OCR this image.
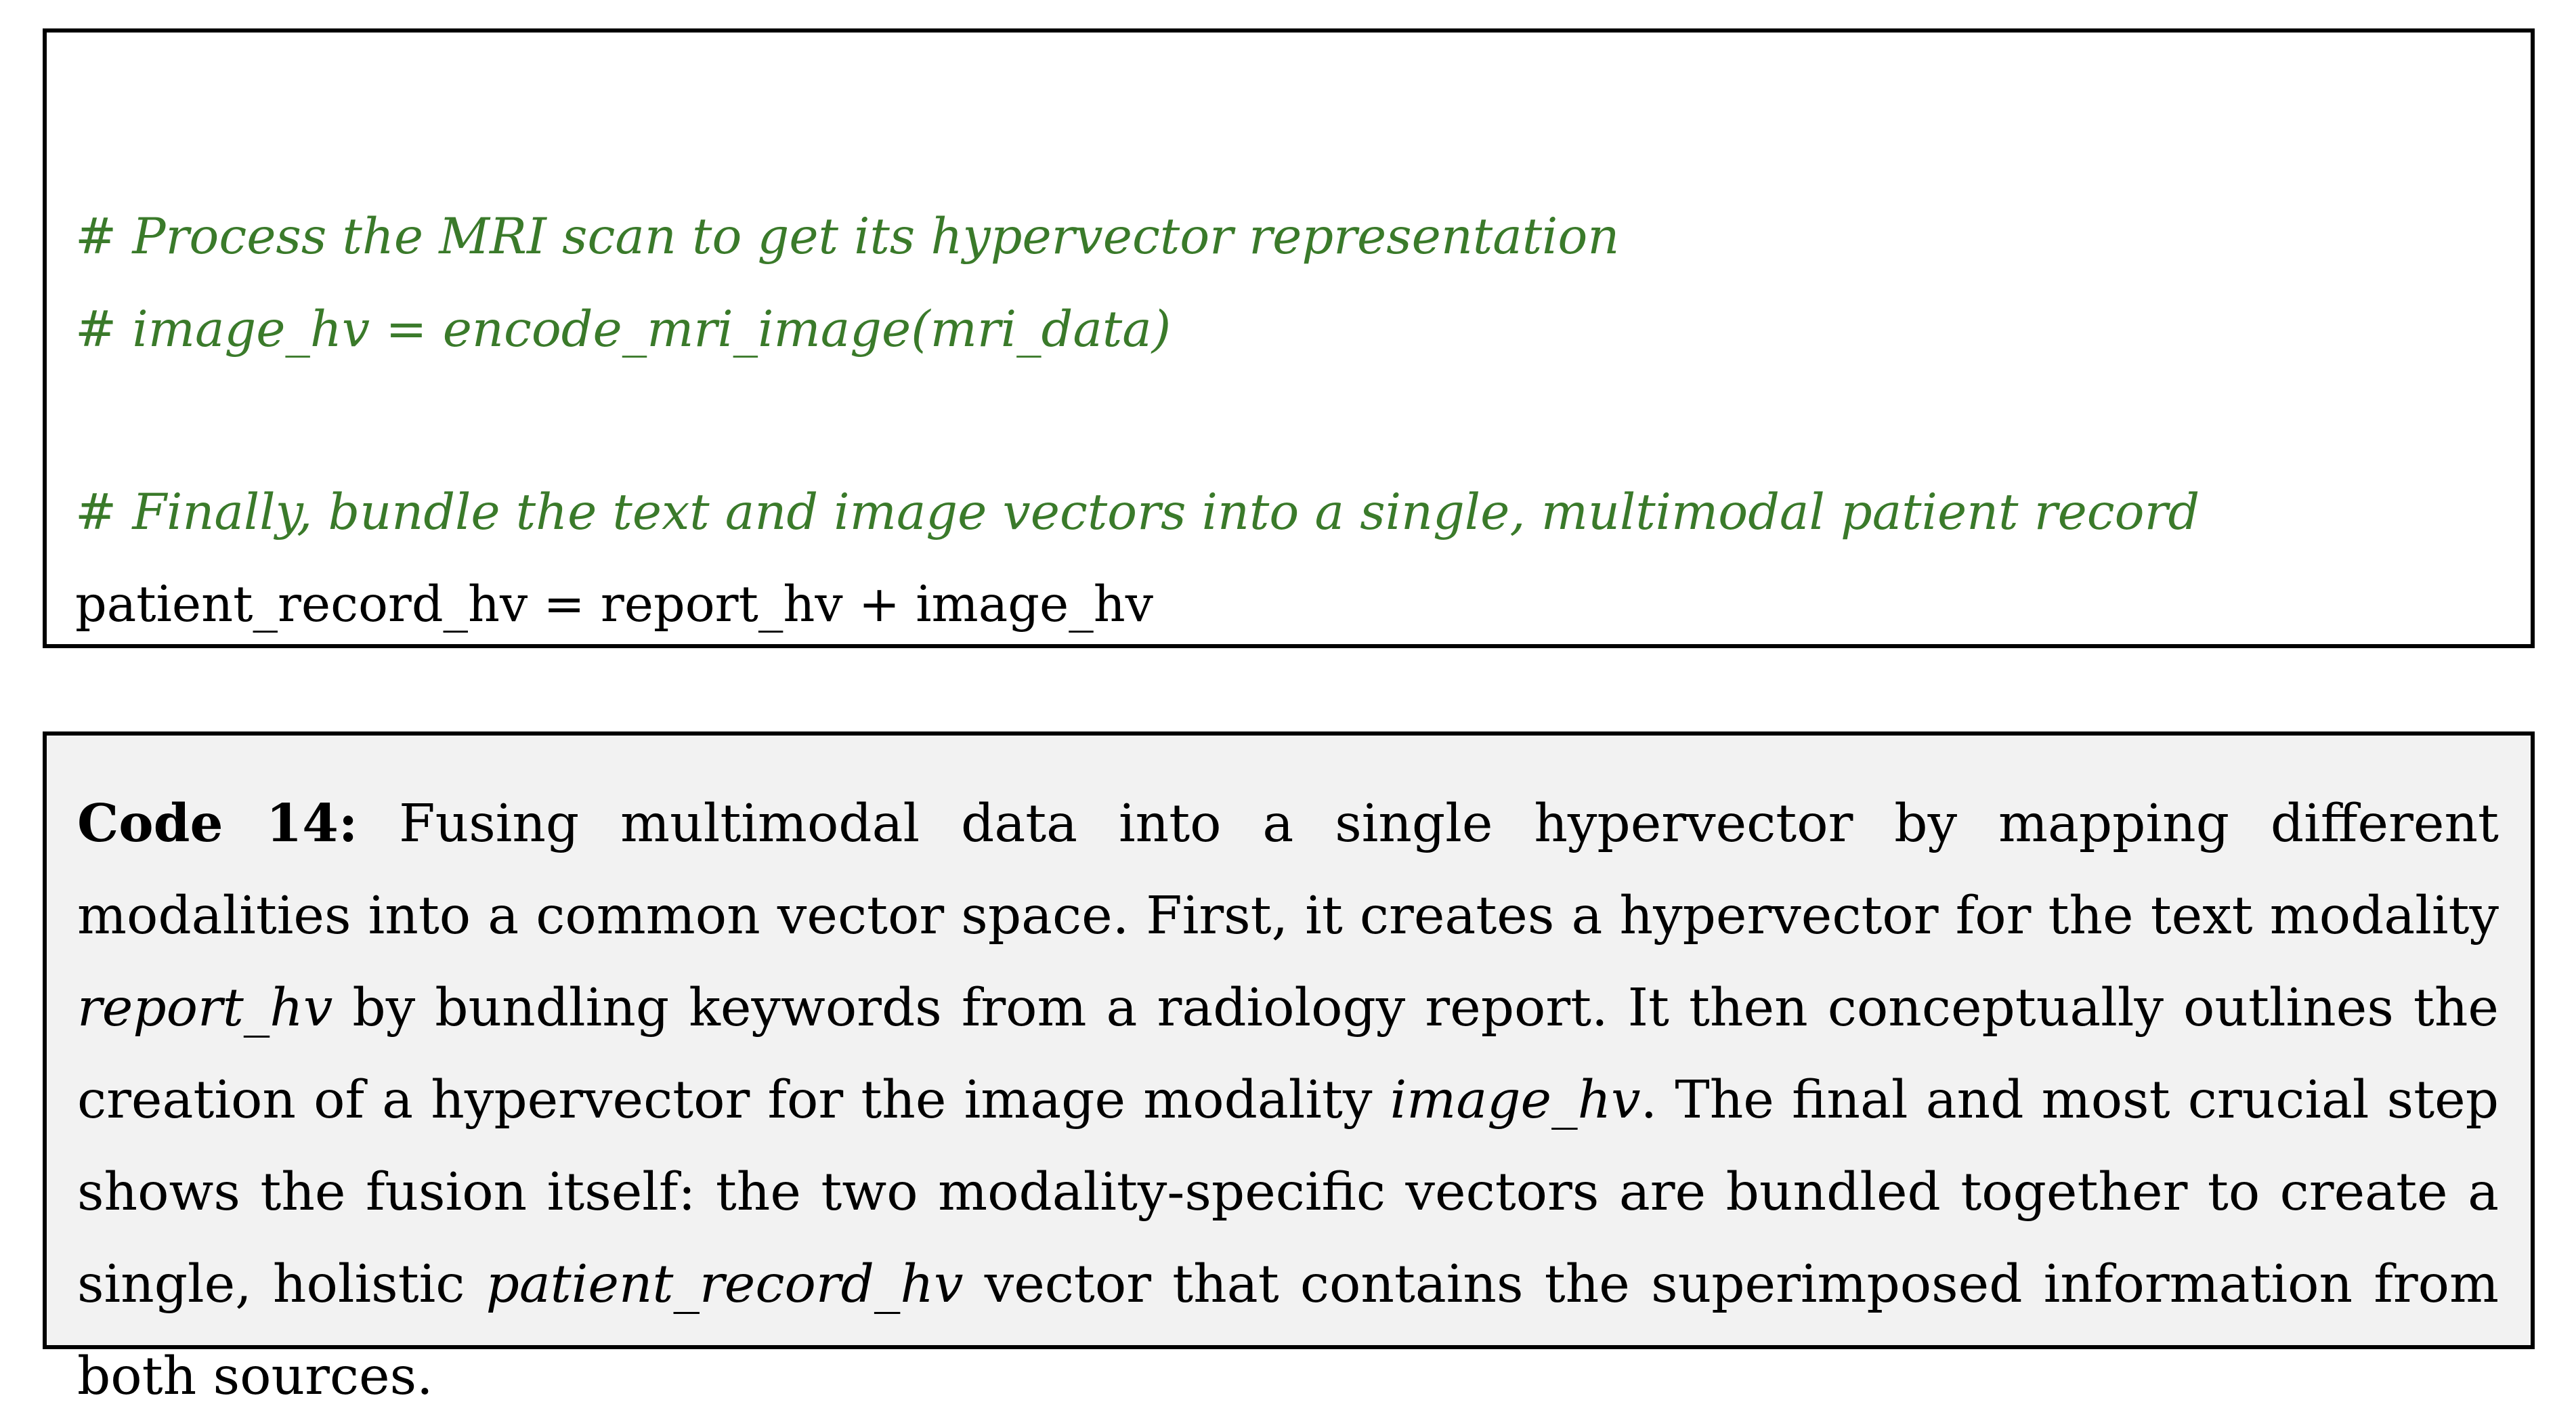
# Process the MRI scan to get its hypervector representation
# image_hv = encode_mri_image(mri_data)
# Finally, bundle the text and image vectors into a single, multimodal patient record
patient_record_hv = report_hv + image_hv
Code 14: Fusing multimodal data into a single hypervector by mapping different modalities into a common vector space. First, it creates a hypervector for the text modality report_hv by bundling keywords from a radiology report. It then conceptually outlines the creation of a hypervector for the image modality image_hv. The final and most crucial step shows the fusion itself: the two modality-specific vectors are bundled together to create a single, holistic patient_record_hv vector that contains the superimposed information from both sources.
